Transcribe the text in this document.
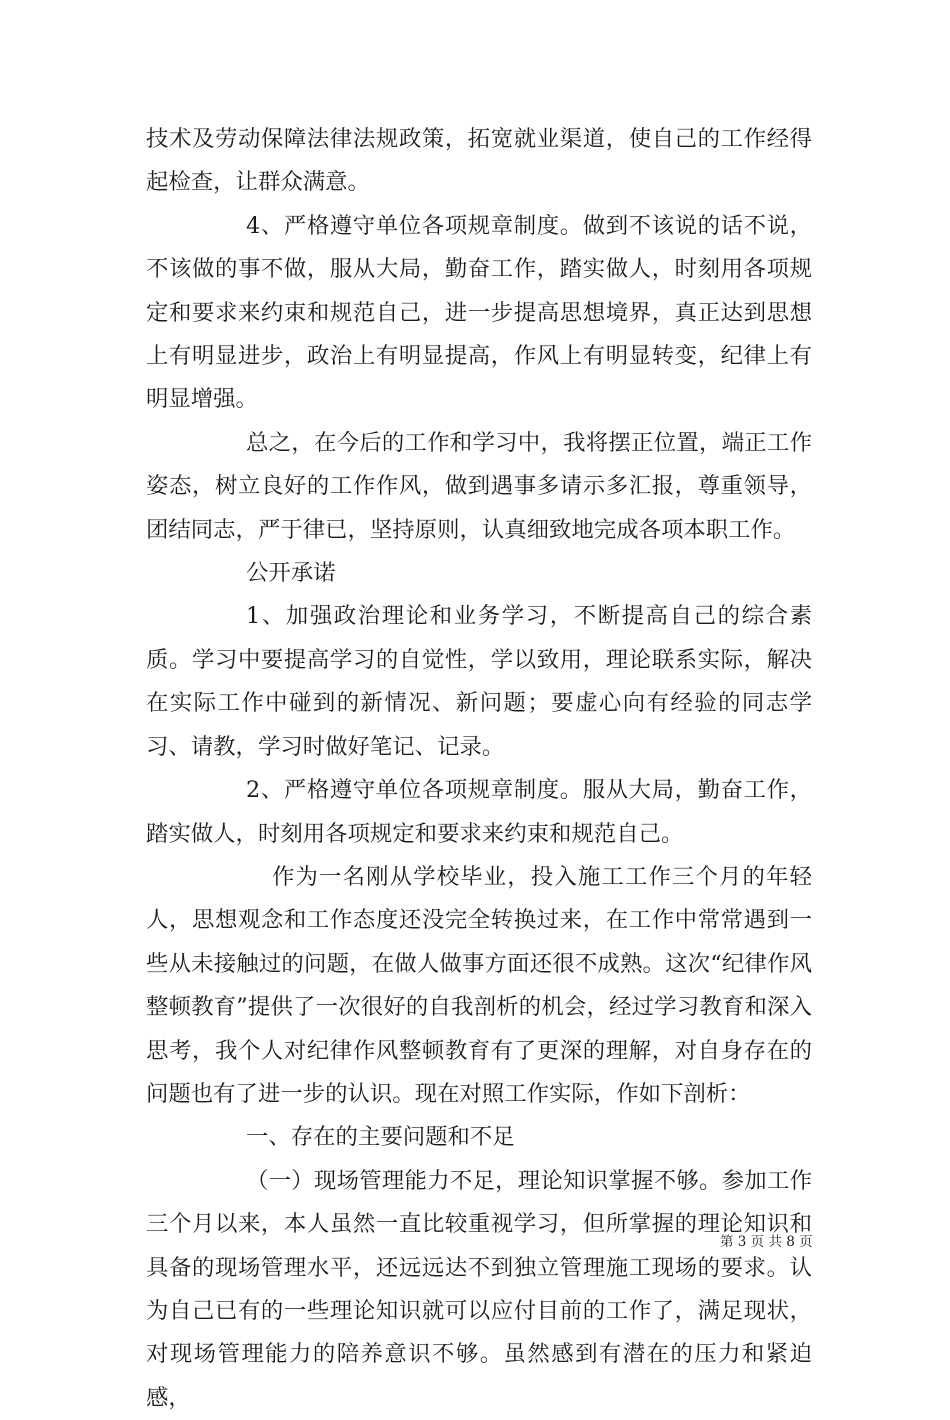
技术及劳动保障法律法规政策，拓宽就业渠道，使自己的工作经得起检查，让群众满意。

4、严格遵守单位各项规章制度。做到不该说的话不说，不该做的事不做，服从大局，勤奋工作，踏实做人，时刻用各项规定和要求来约束和规范自己，进一步提高思想境界，真正达到思想上有明显进步，政治上有明显提高，作风上有明显转变，纪律上有明显增强。

总之，在今后的工作和学习中，我将摆正位置，端正工作姿态，树立良好的工作作风，做到遇事多请示多汇报，尊重领导，团结同志，严于律已，坚持原则，认真细致地完成各项本职工作。

公开承诺

1、加强政治理论和业务学习，不断提高自己的综合素质。学习中要提高学习的自觉性，学以致用，理论联系实际，解决在实际工作中碰到的新情况、新问题；要虚心向有经验的同志学习、请教，学习时做好笔记、记录。

2、严格遵守单位各项规章制度。服从大局，勤奋工作，踏实做人，时刻用各项规定和要求来约束和规范自己。

作为一名刚从学校毕业，投入施工工作三个月的年轻人，思想观念和工作态度还没完全转换过来，在工作中常常遇到一些从未接触过的问题，在做人做事方面还很不成熟。这次“纪律作风整顿教育”提供了一次很好的自我剖析的机会，经过学习教育和深入思考，我个人对纪律作风整顿教育有了更深的理解，对自身存在的问题也有了进一步的认识。现在对照工作实际，作如下剖析：

一、存在的主要问题和不足

（一）现场管理能力不足，理论知识掌握不够。参加工作三个月以来，本人虽然一直比较重视学习，但所掌握的理论知识和具备的现场管理水平，还远远达不到独立管理施工现场的要求。认为自己已有的一些理论知识就可以应付目前的工作了，满足现状，对现场管理能力的陪养意识不够。虽然感到有潜在的压力和紧迫感，

第 3 页 共 8 页
